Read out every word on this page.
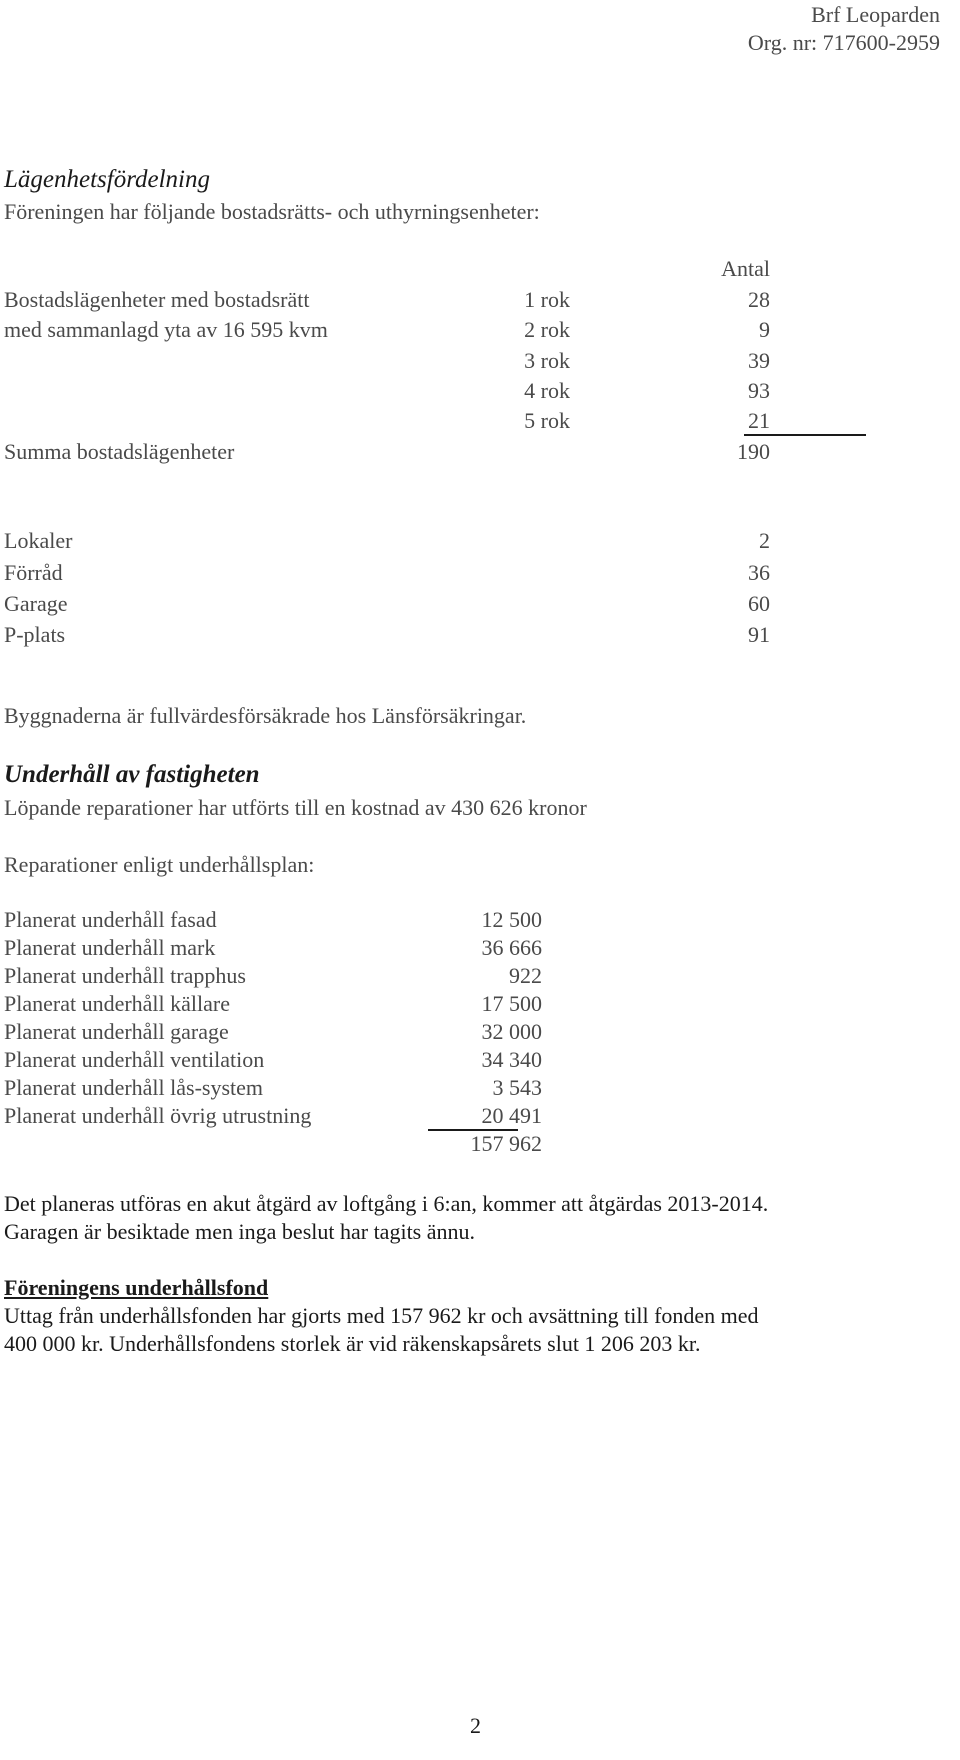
Brf Leoparden
Org. nr: 717600-2959
Lägenhetsfördelning
Föreningen har följande bostadsrätts- och uthyrningsenheter:
Antal
Bostadslägenheter med bostadsrätt
med sammanlagd yta av 16 595 kvm
1 rok	28
2 rok	9
3 rok	39
4 rok	93
5 rok	21
Summa bostadslägenheter	190
Lokaler	2
Förråd	36
Garage	60
P-plats	91
Byggnaderna är fullvärdesförsäkrade hos Länsförsäkringar.
Underhåll av fastigheten
Löpande reparationer har utförts till en kostnad av 430 626 kronor
Reparationer enligt underhållsplan:
Planerat underhåll fasad	12 500
Planerat underhåll mark	36 666
Planerat underhåll trapphus	922
Planerat underhåll källare	17 500
Planerat underhåll garage	32 000
Planerat underhåll ventilation	34 340
Planerat underhåll lås-system	3 543
Planerat underhåll övrig utrustning	20 491
157 962
Det planeras utföras en akut åtgärd av loftgång i 6:an, kommer att åtgärdas 2013-2014.
Garagen är besiktade men inga beslut har tagits ännu.
Föreningens underhållsfond
Uttag från underhållsfonden har gjorts med 157 962 kr och avsättning till fonden med
400 000 kr. Underhållsfondens storlek är vid räkenskapsårets slut 1 206 203 kr.
2
